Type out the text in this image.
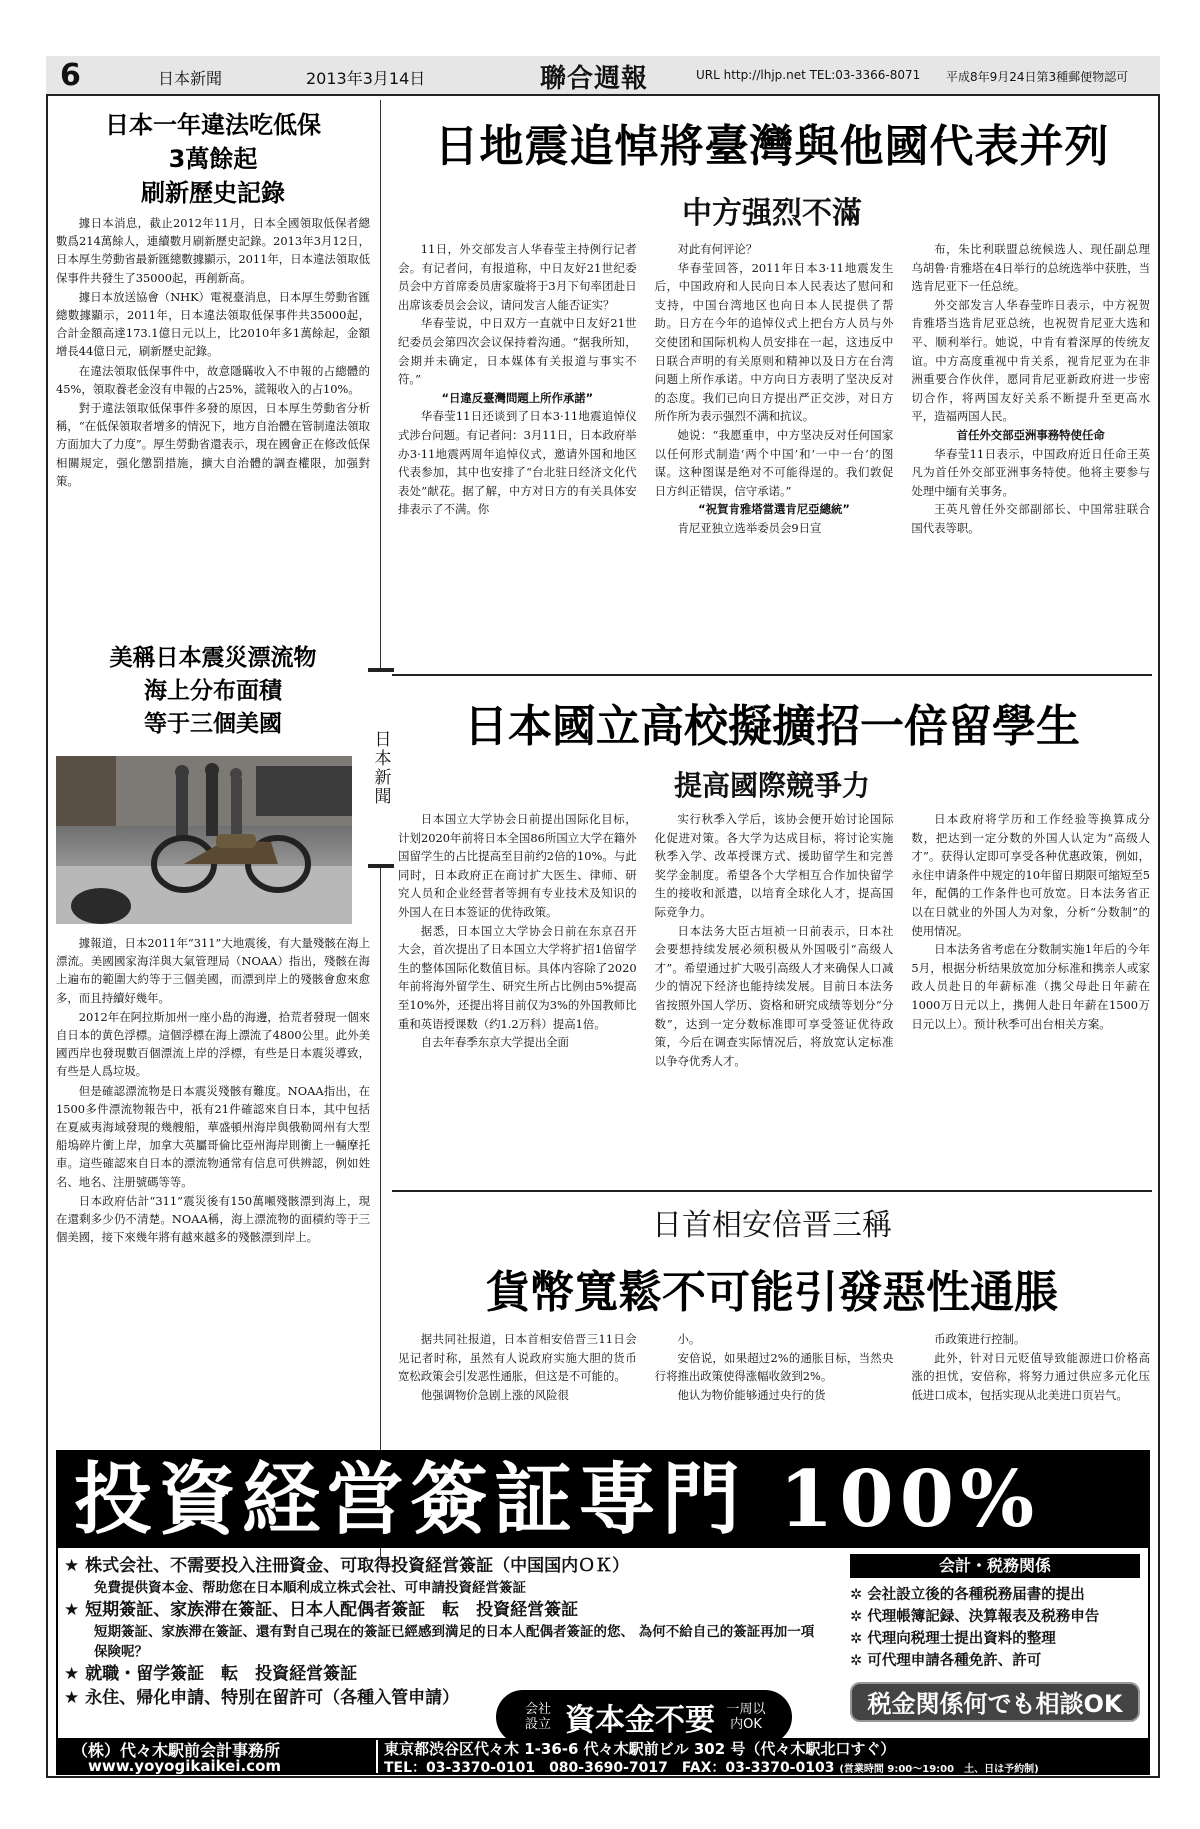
6	日本新聞	2013年3月14日	聯合週報	URL http://lhjp.net TEL:03-3366-8071 平成8年9月24日第3種郵便物認可
日本新聞
日本一年違法吃低保
3萬餘起
刷新歷史記錄

據日本消息，截止2012年11月，日本全國領取低保者總數爲214萬餘人，連續數月刷新歷史記錄。2013年3月12日，日本厚生勞動省最新匯總數據顯示，2011年，日本違法領取低保事件共發生了35000起，再創新高。

據日本放送協會（NHK）電視臺消息，日本厚生勞動省匯總數據顯示，2011年，日本違法領取低保事件共35000起，合計金額高達173.1億日元以上，比2010年多1萬餘起，金額增長44億日元，刷新歷史記錄。

在違法領取低保事件中，故意隱瞞收入不申報的占總體的45%，領取養老金沒有申報的占25%，謊報收入的占10%。

對于違法領取低保事件多發的原因，日本厚生勞動省分析稱，“在低保領取者增多的情況下，地方自治體在管制違法領取方面加大了力度”。厚生勞動省還表示，現在國會正在修改低保相關規定，强化懲罰措施，擴大自治體的調查權限，加强對策。

美稱日本震災漂流物
海上分布面積
等于三個美國

據報道，日本2011年“311”大地震後，有大量殘骸在海上漂流。美國國家海洋與大氣管理局（NOAA）指出，殘骸在海上遍布的範圍大約等于三個美國，而漂到岸上的殘骸會愈來愈多，而且持續好幾年。

2012年在阿拉斯加州一座小島的海邊，拾荒者發現一個來自日本的黄色浮標。這個浮標在海上漂流了4800公里。此外美國西岸也發現數百個漂流上岸的浮標，有些是日本震災導致，有些是人爲垃圾。

但是確認漂流物是日本震災殘骸有難度。NOAA指出，在1500多件漂流物報告中，祇有21件確認來自日本，其中包括在夏威夷海域發現的幾艘船，華盛頓州海岸與俄勒岡州有大型船塢碎片衝上岸，加拿大英屬哥倫比亞州海岸則衝上一輛摩托車。這些確認來自日本的漂流物通常有信息可供辨認，例如姓名、地名、注册號碼等等。

日本政府估計“311”震災後有150萬噸殘骸漂到海上，現在還剩多少仍不清楚。NOAA稱，海上漂流物的面積約等于三個美國，接下來幾年將有越來越多的殘骸漂到岸上。

日地震追悼將臺灣與他國代表并列
中方强烈不滿

11日，外交部发言人华春莹主持例行记者会。有记者问，有报道称，中日友好21世纪委员会中方首席委员唐家璇将于3月下旬率团赴日出席该委员会会议，请问发言人能否证实？

华春莹说，中日双方一直就中日友好21世纪委员会第四次会议保持着沟通。“据我所知，会期并未确定，日本媒体有关报道与事实不符。”

“日違反臺灣問題上所作承諾”

华春莹11日还谈到了日本3·11地震追悼仪式涉台问题。有记者问：3月11日，日本政府举办3·11地震两周年追悼仪式，邀请外国和地区代表参加，其中也安排了“台北驻日经济文化代表处”献花。据了解，中方对日方的有关具体安排表示了不满。你

对此有何评论？

华春莹回答，2011年日本3·11地震发生后，中国政府和人民向日本人民表达了慰问和支持，中国台湾地区也向日本人民提供了帮助。日方在今年的追悼仪式上把台方人员与外交使团和国际机构人员安排在一起，这违反中日联合声明的有关原则和精神以及日方在台湾问题上所作承诺。中方向日方表明了坚决反对的态度。我们已向日方提出严正交涉，对日方所作所为表示强烈不满和抗议。

她说：“我愿重申，中方坚决反对任何国家以任何形式制造‘两个中国’和‘一中一台’的图谋。这种图谋是绝对不可能得逞的。我们敦促日方纠正错误，信守承诺。”

“祝賀肯雅塔當選肯尼亞總統”

肯尼亚独立选举委员会9日宣

布，朱比利联盟总统候选人、现任副总理乌胡鲁·肯雅塔在4日举行的总统选举中获胜，当选肯尼亚下一任总统。

外交部发言人华春莹昨日表示，中方祝贺肯雅塔当选肯尼亚总统，也祝贺肯尼亚大选和平、顺利举行。她说，中肯有着深厚的传统友谊。中方高度重视中肯关系，视肯尼亚为在非洲重要合作伙伴，愿同肯尼亚新政府进一步密切合作，将两国友好关系不断提升至更高水平，造福两国人民。

首任外交部亞洲事務特使任命

华春莹11日表示，中国政府近日任命王英凡为首任外交部亚洲事务特使。他将主要参与处理中缅有关事务。

王英凡曾任外交部副部长、中国常驻联合国代表等职。

日本國立高校擬擴招一倍留學生
提高國際競爭力

日本国立大学协会日前提出国际化目标，计划2020年前将日本全国86所国立大学在籍外国留学生的占比提高至目前约2倍的10%。与此同时，日本政府正在商讨扩大医生、律师、研究人员和企业经营者等拥有专业技术及知识的外国人在日本签证的优待政策。

据悉，日本国立大学协会日前在东京召开大会，首次提出了日本国立大学将扩招1倍留学生的整体国际化数值目标。具体内容除了2020年前将海外留学生、研究生所占比例由5%提高至10%外，还提出将目前仅为3%的外国教师比重和英语授课数（约1.2万科）提高1倍。

自去年春季东京大学提出全面

实行秋季入学后，该协会便开始讨论国际化促进对策。各大学为达成目标，将讨论实施秋季入学、改革授课方式、援助留学生和完善奖学金制度。希望各个大学相互合作加快留学生的接收和派遣，以培育全球化人才，提高国际竞争力。

日本法务大臣古垣祯一日前表示，日本社会要想持续发展必须积极从外国吸引“高级人才”。希望通过扩大吸引高级人才来确保人口减少的情况下经济也能持续发展。目前日本法务省按照外国人学历、资格和研究成绩等划分“分数”，达到一定分数标准即可享受签证优待政策，今后在调查实际情况后，将放宽认定标准以争夺优秀人才。

日本政府将学历和工作经验等换算成分数，把达到一定分数的外国人认定为“高级人才”。获得认定即可享受各种优惠政策，例如，永住申请条件中规定的10年留日期限可缩短至5年，配偶的工作条件也可放宽。日本法务省正以在日就业的外国人为对象，分析“分数制”的使用情况。

日本法务省考虑在分数制实施1年后的今年5月，根据分析结果放宽加分标准和携亲人或家政人员赴日的年薪标准（携父母赴日年薪在1000万日元以上，携佣人赴日年薪在1500万日元以上）。预计秋季可出台相关方案。

日首相安倍晋三稱
貨幣寬鬆不可能引發惡性通脹

据共同社报道，日本首相安倍晋三11日会见记者时称，虽然有人说政府实施大胆的货币宽松政策会引发恶性通胀，但这是不可能的。

他强调物价急剧上涨的风险很

小。

安倍说，如果超过2%的通胀目标，当然央行将推出政策使得涨幅收敛到2%。

他认为物价能够通过央行的货

币政策进行控制。

此外，针对日元贬值导致能源进口价格高涨的担忧，安倍称，将努力通过供应多元化压低进口成本，包括实现从北美进口页岩气。

投資経営簽証専門 100%
★ 株式会社、不需要投入注冊資金、可取得投資経営簽証（中国国内ＯＫ）
免費提供資本金、帮助您在日本順利成立株式会社、可申請投資経営簽証
★ 短期簽証、家族滞在簽証、日本人配偶者簽証　転　投資経営簽証
短期簽証、家族滞在簽証、還有對自己現在的簽証已經感到満足的日本人配偶者簽証的您、 為何不給自己的簽証再加一項保険呢？
★ 就職・留学簽証　転　投資経営簽証
★ 永住、帰化申請、特別在留許可（各種入管申請）
会社設立 資本金不要 一周以内OK
会計・税務関係
✲ 会社設立後的各種税務届書的提出
✲ 代理帳簿記録、決算報表及税務申告
✲ 代理向税理士提出資料的整理
✲ 可代理申請各種免許、許可
税金関係何でも相談OK
（株）代々木駅前会計事務所
www.yoyogikaikei.com
東京都渋谷区代々木 1-36-6 代々木駅前ビル 302 号（代々木駅北口すぐ）
TEL：03-3370-0101　080-3690-7017　FAX：03-3370-0103 (営業時間 9:00～19:00　土、日は予約制)
